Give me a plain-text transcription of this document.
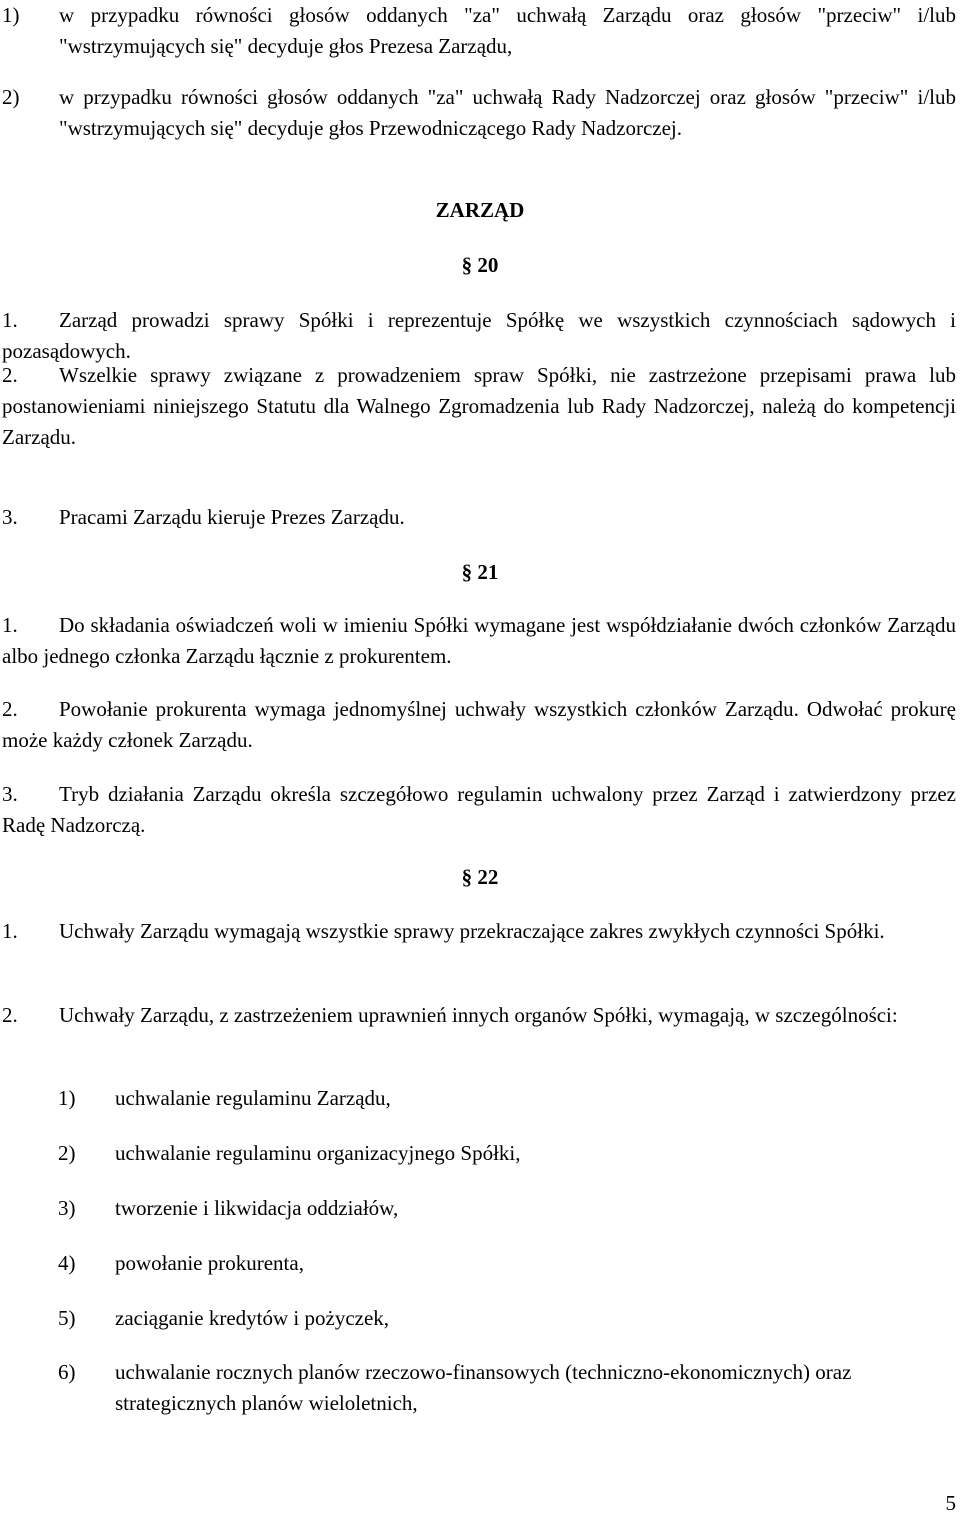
1)	w przypadku równości głosów oddanych "za" uchwałą Zarządu oraz głosów "przeciw" i/lub "wstrzymujących się" decyduje głos Prezesa Zarządu,
2)	w przypadku równości głosów oddanych "za" uchwałą Rady Nadzorczej oraz głosów "przeciw" i/lub "wstrzymujących się" decyduje głos Przewodniczącego Rady Nadzorczej.

ZARZĄD

§ 20

1.	Zarząd prowadzi sprawy Spółki i reprezentuje Spółkę we wszystkich czynnościach sądowych i pozasądowych.
2.	Wszelkie sprawy związane z prowadzeniem spraw Spółki, nie zastrzeżone przepisami prawa lub postanowieniami niniejszego Statutu dla Walnego Zgromadzenia lub Rady Nadzorczej, należą do kompetencji Zarządu.
3.	Pracami Zarządu kieruje Prezes Zarządu.

§ 21

1.	Do składania oświadczeń woli w imieniu Spółki wymagane jest współdziałanie dwóch członków Zarządu albo jednego członka Zarządu łącznie z prokurentem.
2.	Powołanie prokurenta wymaga jednomyślnej uchwały wszystkich członków Zarządu. Odwołać prokurę może każdy członek Zarządu.
3.	Tryb działania Zarządu określa szczegółowo regulamin uchwalony przez Zarząd i zatwierdzony przez Radę Nadzorczą.

§ 22

1.	Uchwały Zarządu wymagają wszystkie sprawy przekraczające zakres zwykłych czynności Spółki.
2.	Uchwały Zarządu, z zastrzeżeniem uprawnień innych organów Spółki, wymagają, w szczególności:
1)	uchwalanie regulaminu Zarządu,
2)	uchwalanie regulaminu organizacyjnego Spółki,
3)	tworzenie i likwidacja oddziałów,
4)	powołanie prokurenta,
5)	zaciąganie kredytów i pożyczek,
6)	uchwalanie rocznych planów rzeczowo-finansowych (techniczno-ekonomicznych) oraz strategicznych planów wieloletnich,

5
